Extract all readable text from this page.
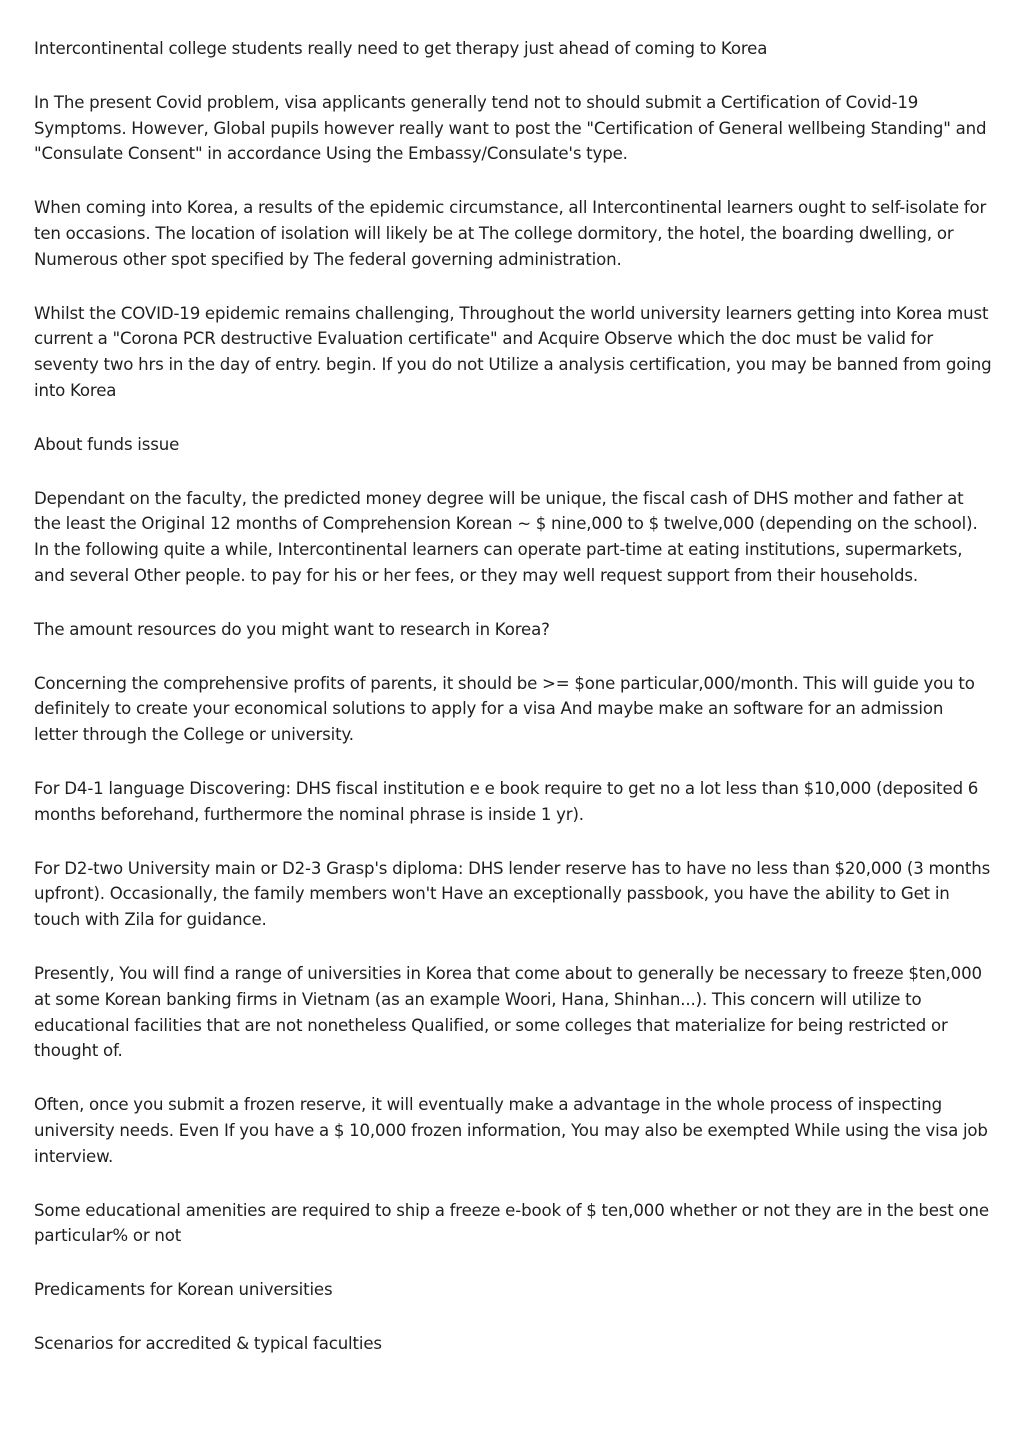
Intercontinental college students really need to get therapy just ahead of coming to Korea

In The present Covid problem, visa applicants generally tend not to should submit a Certification of Covid-19 Symptoms. However, Global pupils however really want to post the "Certification of General wellbeing Standing" and "Consulate Consent" in accordance Using the Embassy/Consulate's type.

When coming into Korea, a results of the epidemic circumstance, all Intercontinental learners ought to self-isolate for ten occasions. The location of isolation will likely be at The college dormitory, the hotel, the boarding dwelling, or Numerous other spot specified by The federal governing administration.

Whilst the COVID-19 epidemic remains challenging, Throughout the world university learners getting into Korea must current a "Corona PCR destructive Evaluation certificate" and Acquire Observe which the doc must be valid for seventy two hrs in the day of entry. begin. If you do not Utilize a analysis certification, you may be banned from going into Korea

About funds issue

Dependant on the faculty, the predicted money degree will be unique, the fiscal cash of DHS mother and father at the least the Original 12 months of Comprehension Korean ~ $ nine,000 to $ twelve,000 (depending on the school). In the following quite a while, Intercontinental learners can operate part-time at eating institutions, supermarkets, and several Other people. to pay for his or her fees, or they may well request support from their households.

The amount resources do you might want to research in Korea?

Concerning the comprehensive profits of parents, it should be >= $one particular,000/month. This will guide you to definitely to create your economical solutions to apply for a visa And maybe make an software for an admission letter through the College or university.

For D4-1 language Discovering: DHS fiscal institution e e book require to get no a lot less than $10,000 (deposited 6 months beforehand, furthermore the nominal phrase is inside 1 yr).

For D2-two University main or D2-3 Grasp's diploma: DHS lender reserve has to have no less than $20,000 (3 months upfront). Occasionally, the family members won't Have an exceptionally passbook, you have the ability to Get in touch with Zila for guidance.

Presently, You will find a range of universities in Korea that come about to generally be necessary to freeze $ten,000 at some Korean banking firms in Vietnam (as an example Woori, Hana, Shinhan...). This concern will utilize to educational facilities that are not nonetheless Qualified, or some colleges that materialize for being restricted or thought of.

Often, once you submit a frozen reserve, it will eventually make a advantage in the whole process of inspecting university needs. Even If you have a $ 10,000 frozen information, You may also be exempted While using the visa job interview.

Some educational amenities are required to ship a freeze e-book of $ ten,000 whether or not they are in the best one particular% or not

Predicaments for Korean universities

Scenarios for accredited & typical faculties
